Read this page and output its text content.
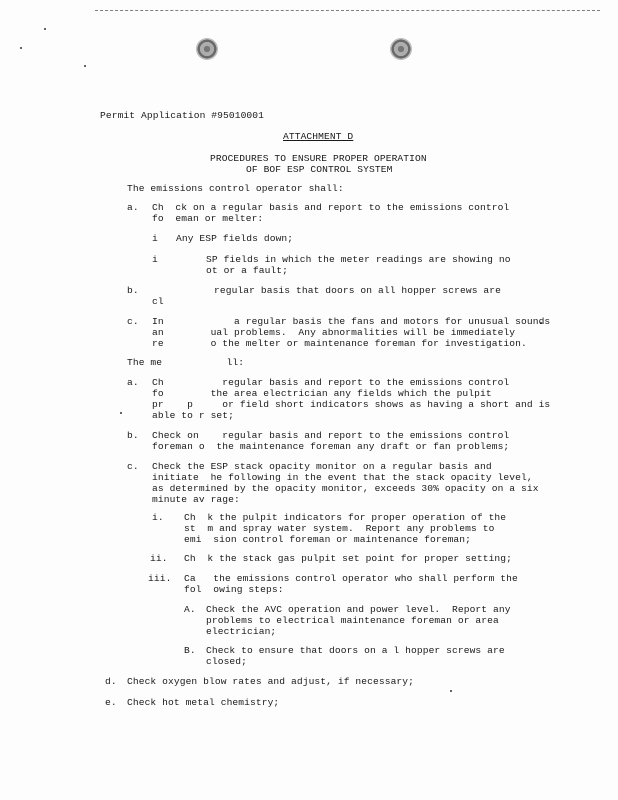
Permit Application #95010001
ATTACHMENT D
PROCEDURES TO ENSURE PROPER OPERATION
OF BOF ESP CONTROL SYSTEM
The emissions control operator shall:
a. Ch  ck on a regular basis and report to the emissions control
fo  eman or melter:
i Any ESP fields down;
i	SP fields in which the meter readings are showing no
ot or a fault;
b.	regular basis that doors on all hopper screws are
cl
c. In            a regular basis the fans and motors for unusual sounds
an        ual problems.  Any abnormalities will be immediately
re        o the melter or maintenance foreman for investigation.
The me           ll:
a. Ch          regular basis and report to the emissions control
fo        the area electrician any fields which the pulpit
pr    p     or field short indicators shows as having a short and is
able to r set;
b. Check on    regular basis and report to the emissions control
foreman o  the maintenance foreman any draft or fan problems;
c. Check the ESP stack opacity monitor on a regular basis and
initiate  he following in the event that the stack opacity level,
as determined by the opacity monitor, exceeds 30% opacity on a six
minute av rage:
i. Ch  k the pulpit indicators for proper operation of the
st  m and spray water system.  Report any problems to
emi  sion control foreman or maintenance foreman;
ii. Ch  k the stack gas pulpit set point for proper setting;
iii. Ca   the emissions control operator who shall perform the
fol  owing steps:
A. Check the AVC operation and power level.  Report any
problems to electrical maintenance foreman or area
electrician;
B. Check to ensure that doors on a l hopper screws are
closed;
d. Check oxygen blow rates and adjust, if necessary;
e. Check hot metal chemistry;
